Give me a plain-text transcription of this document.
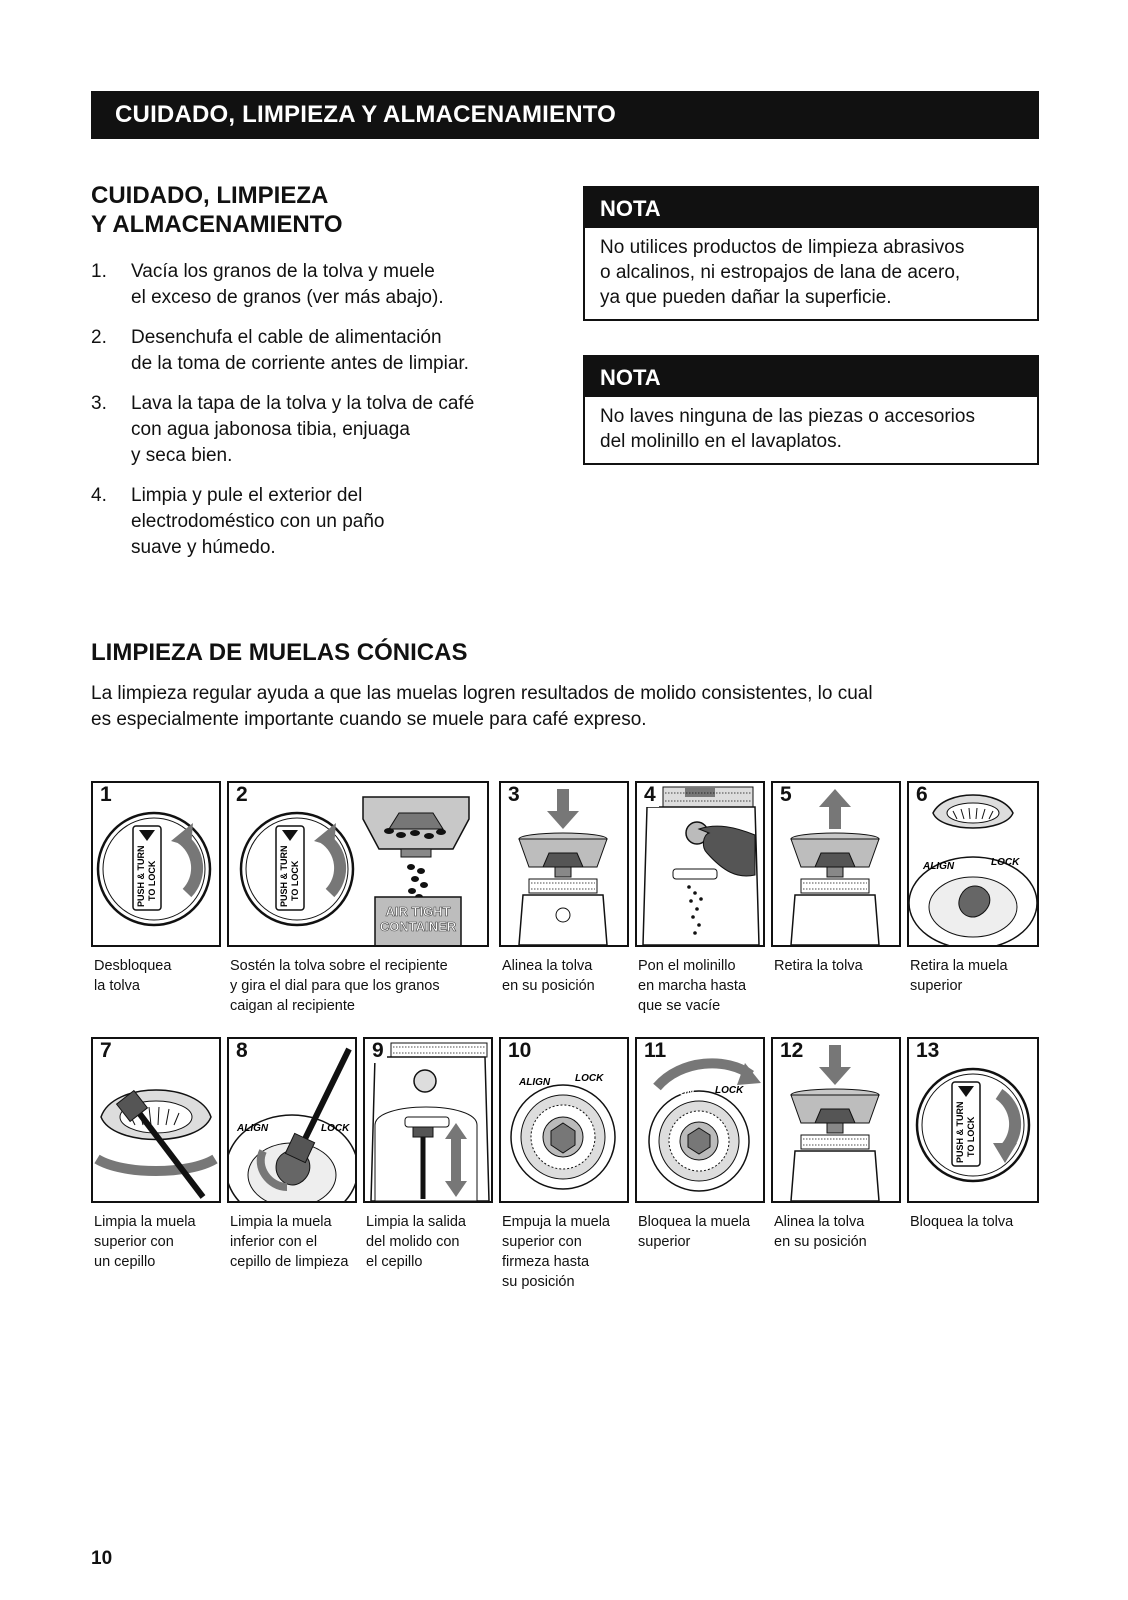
CUIDADO, LIMPIEZA Y ALMACENAMIENTO
CUIDADO, LIMPIEZA
Y ALMACENAMIENTO
1. Vacía los granos de la tolva y muele
el exceso de granos (ver más abajo).
2. Desenchufa el cable de alimentación
de la toma de corriente antes de limpiar.
3. Lava la tapa de la tolva y la tolva de café
con agua jabonosa tibia, enjuaga
y seca bien.
4. Limpia y pule el exterior del
electrodoméstico con un paño
suave y húmedo.
NOTA
No utilices productos de limpieza abrasivos
o alcalinos, ni estropajos de lana de acero,
ya que pueden dañar la superficie.
NOTA
No laves ninguna de las piezas o accesorios
del molinillo en el lavaplatos.
LIMPIEZA DE MUELAS CÓNICAS
La limpieza regular ayuda a que las muelas logren resultados de molido consistentes, lo cual
es especialmente importante cuando se muele para café expreso.
1
PUSH & TURN TO LOCK
Desbloquea
la tolva
2
PUSH & TURN TO LOCK
AIR TIGHT
CONTAINER
Sostén la tolva sobre el recipiente
y gira el dial para que los granos
caigan al recipiente
3
Alinea la tolva
en su posición
4
Pon el molinillo
en marcha hasta
que se vacíe
5
Retira la tolva
6
ALIGN	LOCK
Retira la muela
superior
7
Limpia la muela
superior con
un cepillo
8
ALIGN	LOCK
Limpia la muela
inferior con el
cepillo de limpieza
9
Limpia la salida
del molido con
el cepillo
10
ALIGN LOCK
Empuja la muela
superior con
firmeza hasta
su posición
11
ALIGN LOCK
Bloquea la muela
superior
12
Alinea la tolva
en su posición
13
PUSH & TURN TO LOCK
Bloquea la tolva
10
